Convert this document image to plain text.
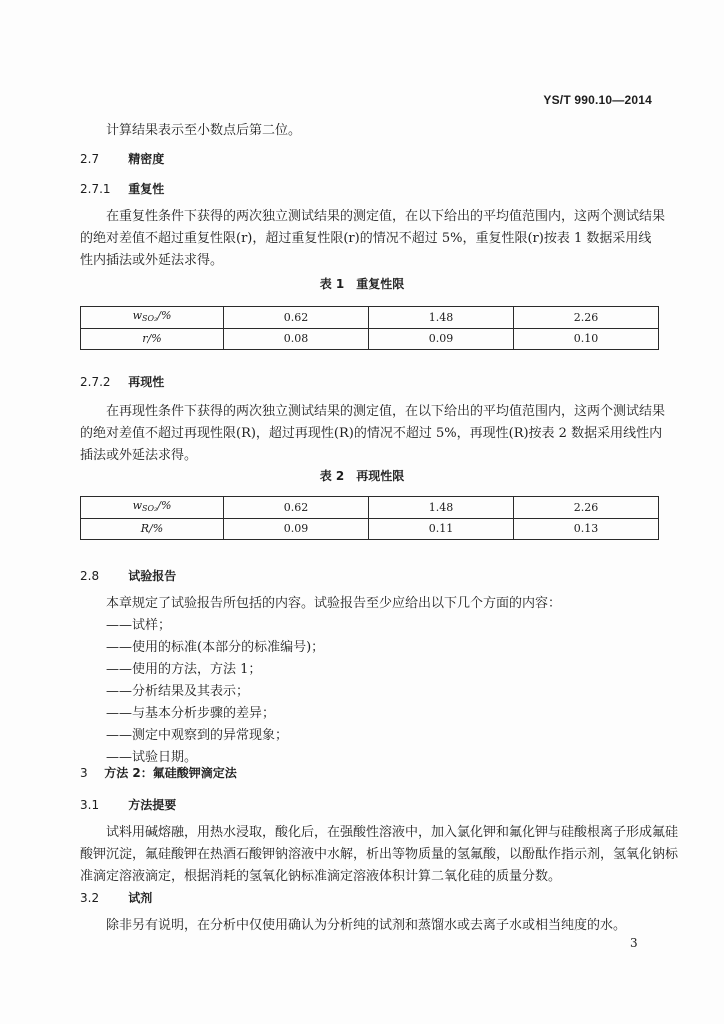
YS/T 990.10—2014
计算结果表示至小数点后第二位。
2.7 精密度
2.7.1 重复性
在重复性条件下获得的两次独立测试结果的测定值，在以下给出的平均值范围内，这两个测试结果
的绝对差值不超过重复性限(r)，超过重复性限(r)的情况不超过 5%，重复性限(r)按表 1 数据采用线
性内插法或外延法求得。
表 1　重复性限
$w_{SO_2}/\%$	0.62	1.48	2.26
r/%	0.08	0.09	0.10
2.7.2 再现性
在再现性条件下获得的两次独立测试结果的测定值，在以下给出的平均值范围内，这两个测试结果
的绝对差值不超过再现性限(R)，超过再现性(R)的情况不超过 5%，再现性(R)按表 2 数据采用线性内
插法或外延法求得。
表 2　再现性限
$w_{SO_2}/\%$	0.62	1.48	2.26
R/%	0.09	0.11	0.13
2.8 试验报告
本章规定了试验报告所包括的内容。试验报告至少应给出以下几个方面的内容：
——试样；
——使用的标准(本部分的标准编号)；
——使用的方法，方法 1；
——分析结果及其表示；
——与基本分析步骤的差异；
——测定中观察到的异常现象；
——试验日期。
3 方法 2：氟硅酸钾滴定法
3.1 方法提要
试料用碱熔融，用热水浸取，酸化后，在强酸性溶液中，加入氯化钾和氟化钾与硅酸根离子形成氟硅
酸钾沉淀，氟硅酸钾在热酒石酸钾钠溶液中水解，析出等物质量的氢氟酸，以酚酞作指示剂，氢氧化钠标
准滴定溶液滴定，根据消耗的氢氧化钠标准滴定溶液体积计算二氧化硅的质量分数。
3.2 试剂
除非另有说明，在分析中仅使用确认为分析纯的试剂和蒸馏水或去离子水或相当纯度的水。
3
